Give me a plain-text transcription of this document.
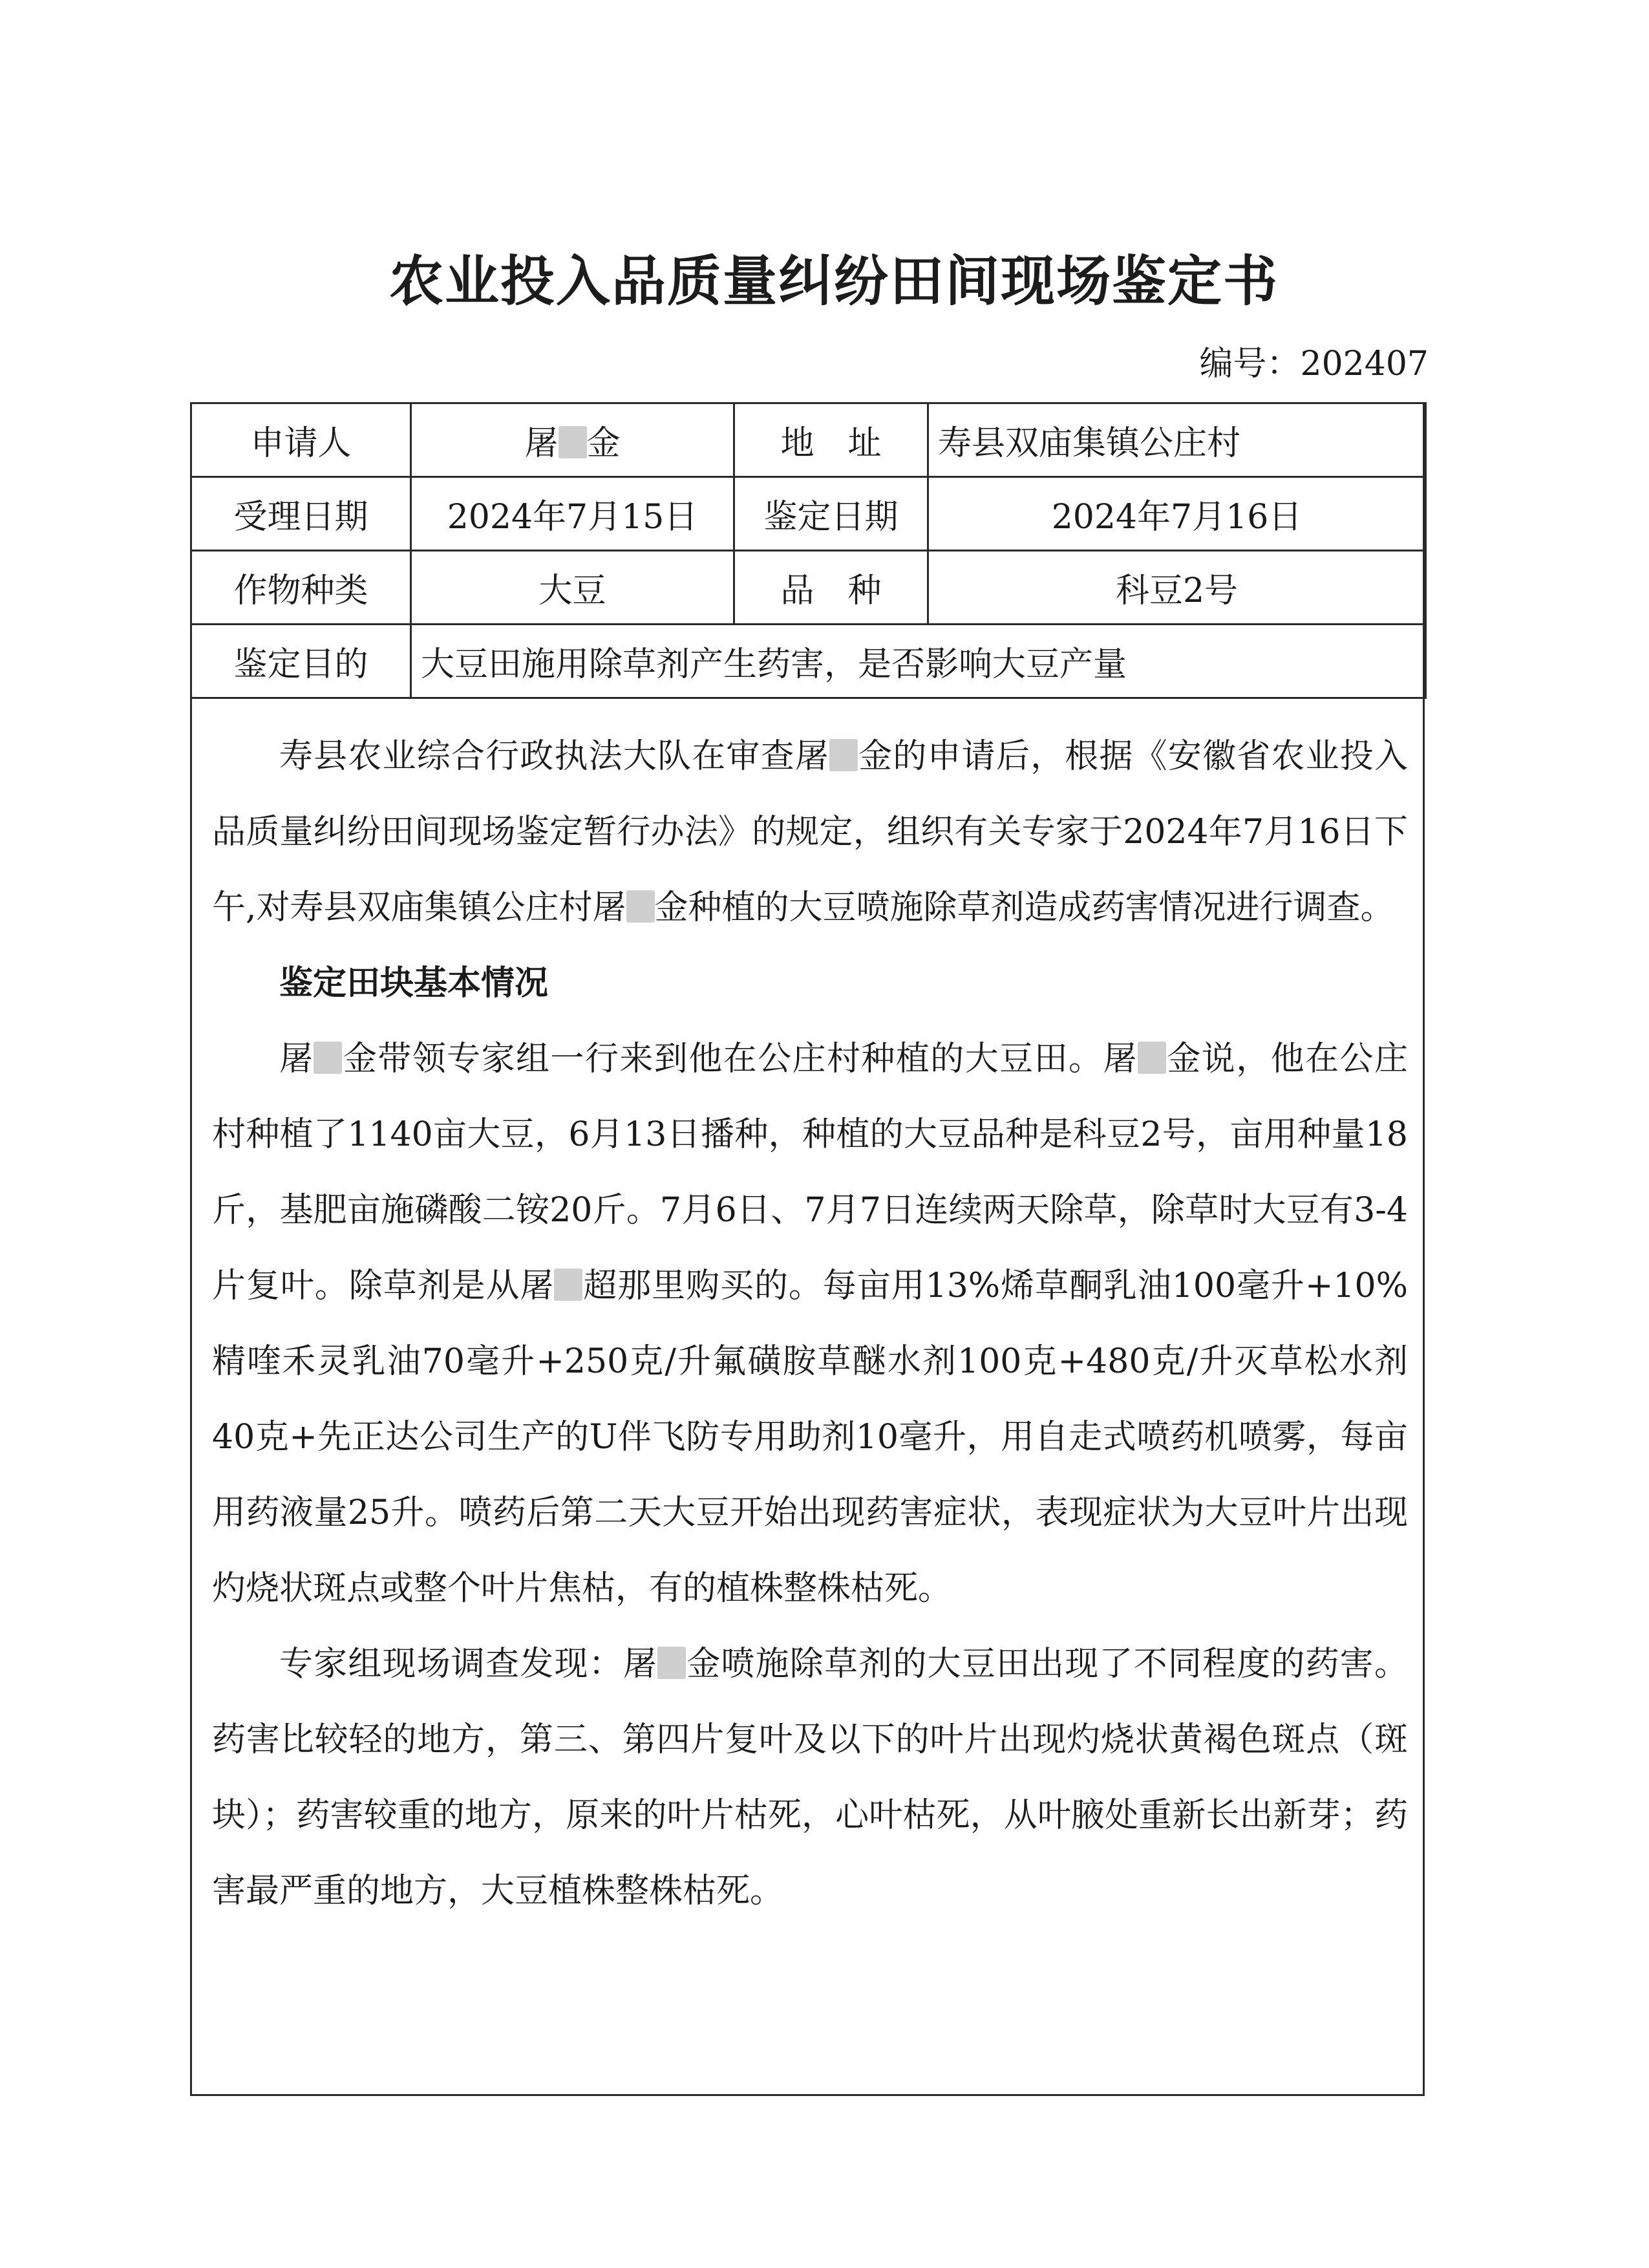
农业投入品质量纠纷田间现场鉴定书
编号：202407
申请人	屠 金	地　址	寿县双庙集镇公庄村
受理日期	2024年7月15日	鉴定日期	2024年7月16日
作物种类	大豆	品　种	科豆2号
鉴定目的	大豆田施用除草剂产生药害，是否影响大豆产量		

寿县农业综合行政执法大队在审查屠 金的申请后，根据《安徽省农业投入品质量纠纷田间现场鉴定暂行办法》的规定，组织有关专家于2024年7月16日下午,对寿县双庙集镇公庄村屠 金种植的大豆喷施除草剂造成药害情况进行调查。

鉴定田块基本情况

屠 金带领专家组一行来到他在公庄村种植的大豆田。屠 金说，他在公庄村种植了1140亩大豆，6月13日播种，种植的大豆品种是科豆2号，亩用种量18斤，基肥亩施磷酸二铵20斤。7月6日、7月7日连续两天除草，除草时大豆有3-4片复叶。除草剂是从屠 超那里购买的。每亩用13%烯草酮乳油100毫升+10%精喹禾灵乳油70毫升+250克/升氟磺胺草醚水剂100克+480克/升灭草松水剂40克+先正达公司生产的U伴飞防专用助剂10毫升，用自走式喷药机喷雾，每亩用药液量25升。喷药后第二天大豆开始出现药害症状，表现症状为大豆叶片出现灼烧状斑点或整个叶片焦枯，有的植株整株枯死。

专家组现场调查发现：屠 金喷施除草剂的大豆田出现了不同程度的药害。药害比较轻的地方，第三、第四片复叶及以下的叶片出现灼烧状黄褐色斑点（斑块）；药害较重的地方，原来的叶片枯死，心叶枯死，从叶腋处重新长出新芽；药害最严重的地方，大豆植株整株枯死。
